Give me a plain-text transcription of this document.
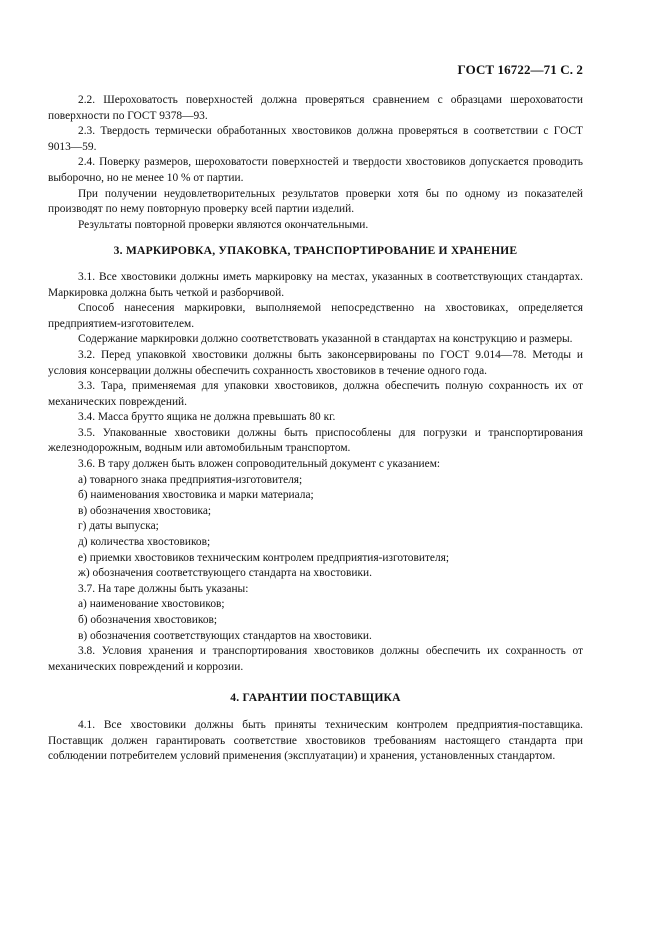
ГОСТ 16722—71 С. 2

2.2. Шероховатость поверхностей должна проверяться сравнением с образцами шероховатости поверхности по ГОСТ 9378—93.

2.3. Твердость термически обработанных хвостовиков должна проверяться в соответствии с ГОСТ 9013—59.

2.4. Поверку размеров, шероховатости поверхностей и твердости хвостовиков допускается проводить выборочно, но не менее 10 % от партии.

При получении неудовлетворительных результатов проверки хотя бы по одному из показателей производят по нему повторную проверку всей партии изделий.

Результаты повторной проверки являются окончательными.

3. МАРКИРОВКА, УПАКОВКА, ТРАНСПОРТИРОВАНИЕ И ХРАНЕНИЕ

3.1. Все хвостовики должны иметь маркировку на местах, указанных в соответствующих стандартах. Маркировка должна быть четкой и разборчивой.

Способ нанесения маркировки, выполняемой непосредственно на хвостовиках, определяется предприятием-изготовителем.

Содержание маркировки должно соответствовать указанной в стандартах на конструкцию и размеры.

3.2. Перед упаковкой хвостовики должны быть законсервированы по ГОСТ 9.014—78. Методы и условия консервации должны обеспечить сохранность хвостовиков в течение одного года.

3.3. Тара, применяемая для упаковки хвостовиков, должна обеспечить полную сохранность их от механических повреждений.

3.4. Масса брутто ящика не должна превышать 80 кг.

3.5. Упакованные хвостовики должны быть приспособлены для погрузки и транспортирования железнодорожным, водным или автомобильным транспортом.

3.6. В тару должен быть вложен сопроводительный документ с указанием:

а) товарного знака предприятия-изготовителя;

б) наименования хвостовика и марки материала;

в) обозначения хвостовика;

г) даты выпуска;

д) количества хвостовиков;

е) приемки хвостовиков техническим контролем предприятия-изготовителя;

ж) обозначения соответствующего стандарта на хвостовики.

3.7. На таре должны быть указаны:

а) наименование хвостовиков;

б) обозначения хвостовиков;

в) обозначения соответствующих стандартов на хвостовики.

3.8. Условия хранения и транспортирования хвостовиков должны обеспечить их сохранность от механических повреждений и коррозии.

4. ГАРАНТИИ ПОСТАВЩИКА

4.1. Все хвостовики должны быть приняты техническим контролем предприятия-поставщика. Поставщик должен гарантировать соответствие хвостовиков требованиям настоящего стандарта при соблюдении потребителем условий применения (эксплуатации) и хранения, установленных стандартом.
